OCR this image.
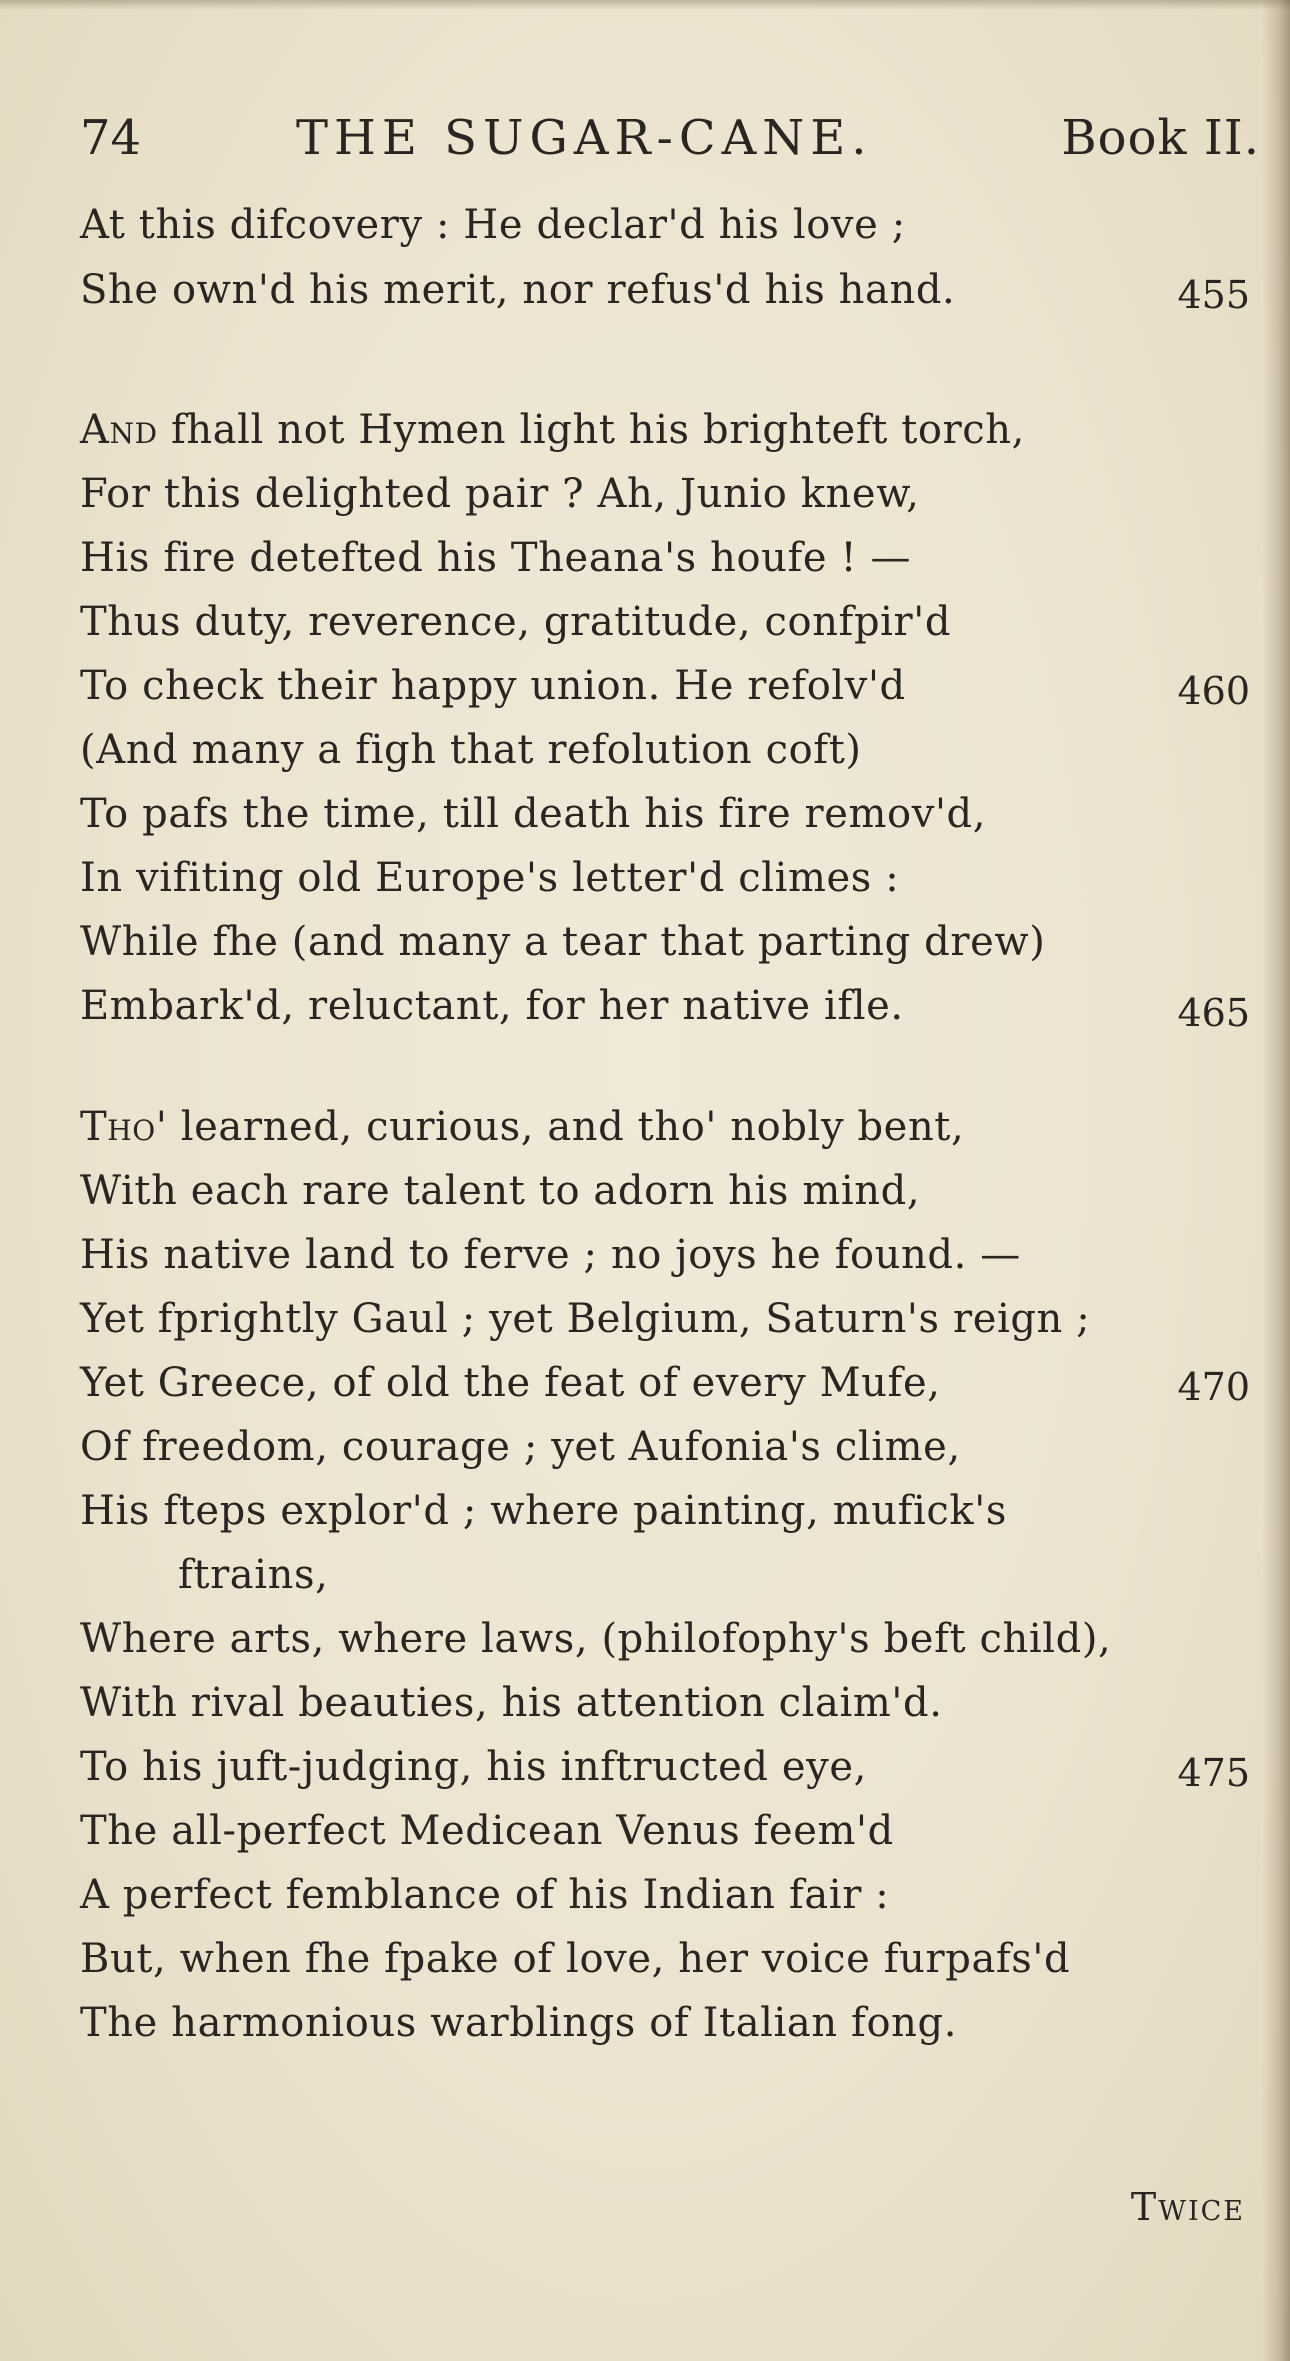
74	THE SUGAR-CANE.	Book II.
At this difcovery : He declar'd his love ;
She own'd his merit, nor refus'd his hand.	455
And fhall not Hymen light his brighteft torch,
For this delighted pair ? Ah, Junio knew,
His fire detefted his Theana's houfe ! —
Thus duty, reverence, gratitude, confpir'd
To check their happy union. He refolv'd	460
(And many a figh that refolution coft)
To pafs the time, till death his fire remov'd,
In vifiting old Europe's letter'd climes :
While fhe (and many a tear that parting drew)
Embark'd, reluctant, for her native ifle.	465
Tho' learned, curious, and tho' nobly bent,
With each rare talent to adorn his mind,
His native land to ferve ; no joys he found. —
Yet fprightly Gaul ; yet Belgium, Saturn's reign ;
Yet Greece, of old the feat of every Mufe,	470
Of freedom, courage ; yet Aufonia's clime,
His fteps explor'd ; where painting, mufick's
ftrains,
Where arts, where laws, (philofophy's beft child),
With rival beauties, his attention claim'd.
To his juft-judging, his inftructed eye,	475
The all-perfect Medicean Venus feem'd
A perfect femblance of his Indian fair :
But, when fhe fpake of love, her voice furpafs'd
The harmonious warblings of Italian fong.
Twice
